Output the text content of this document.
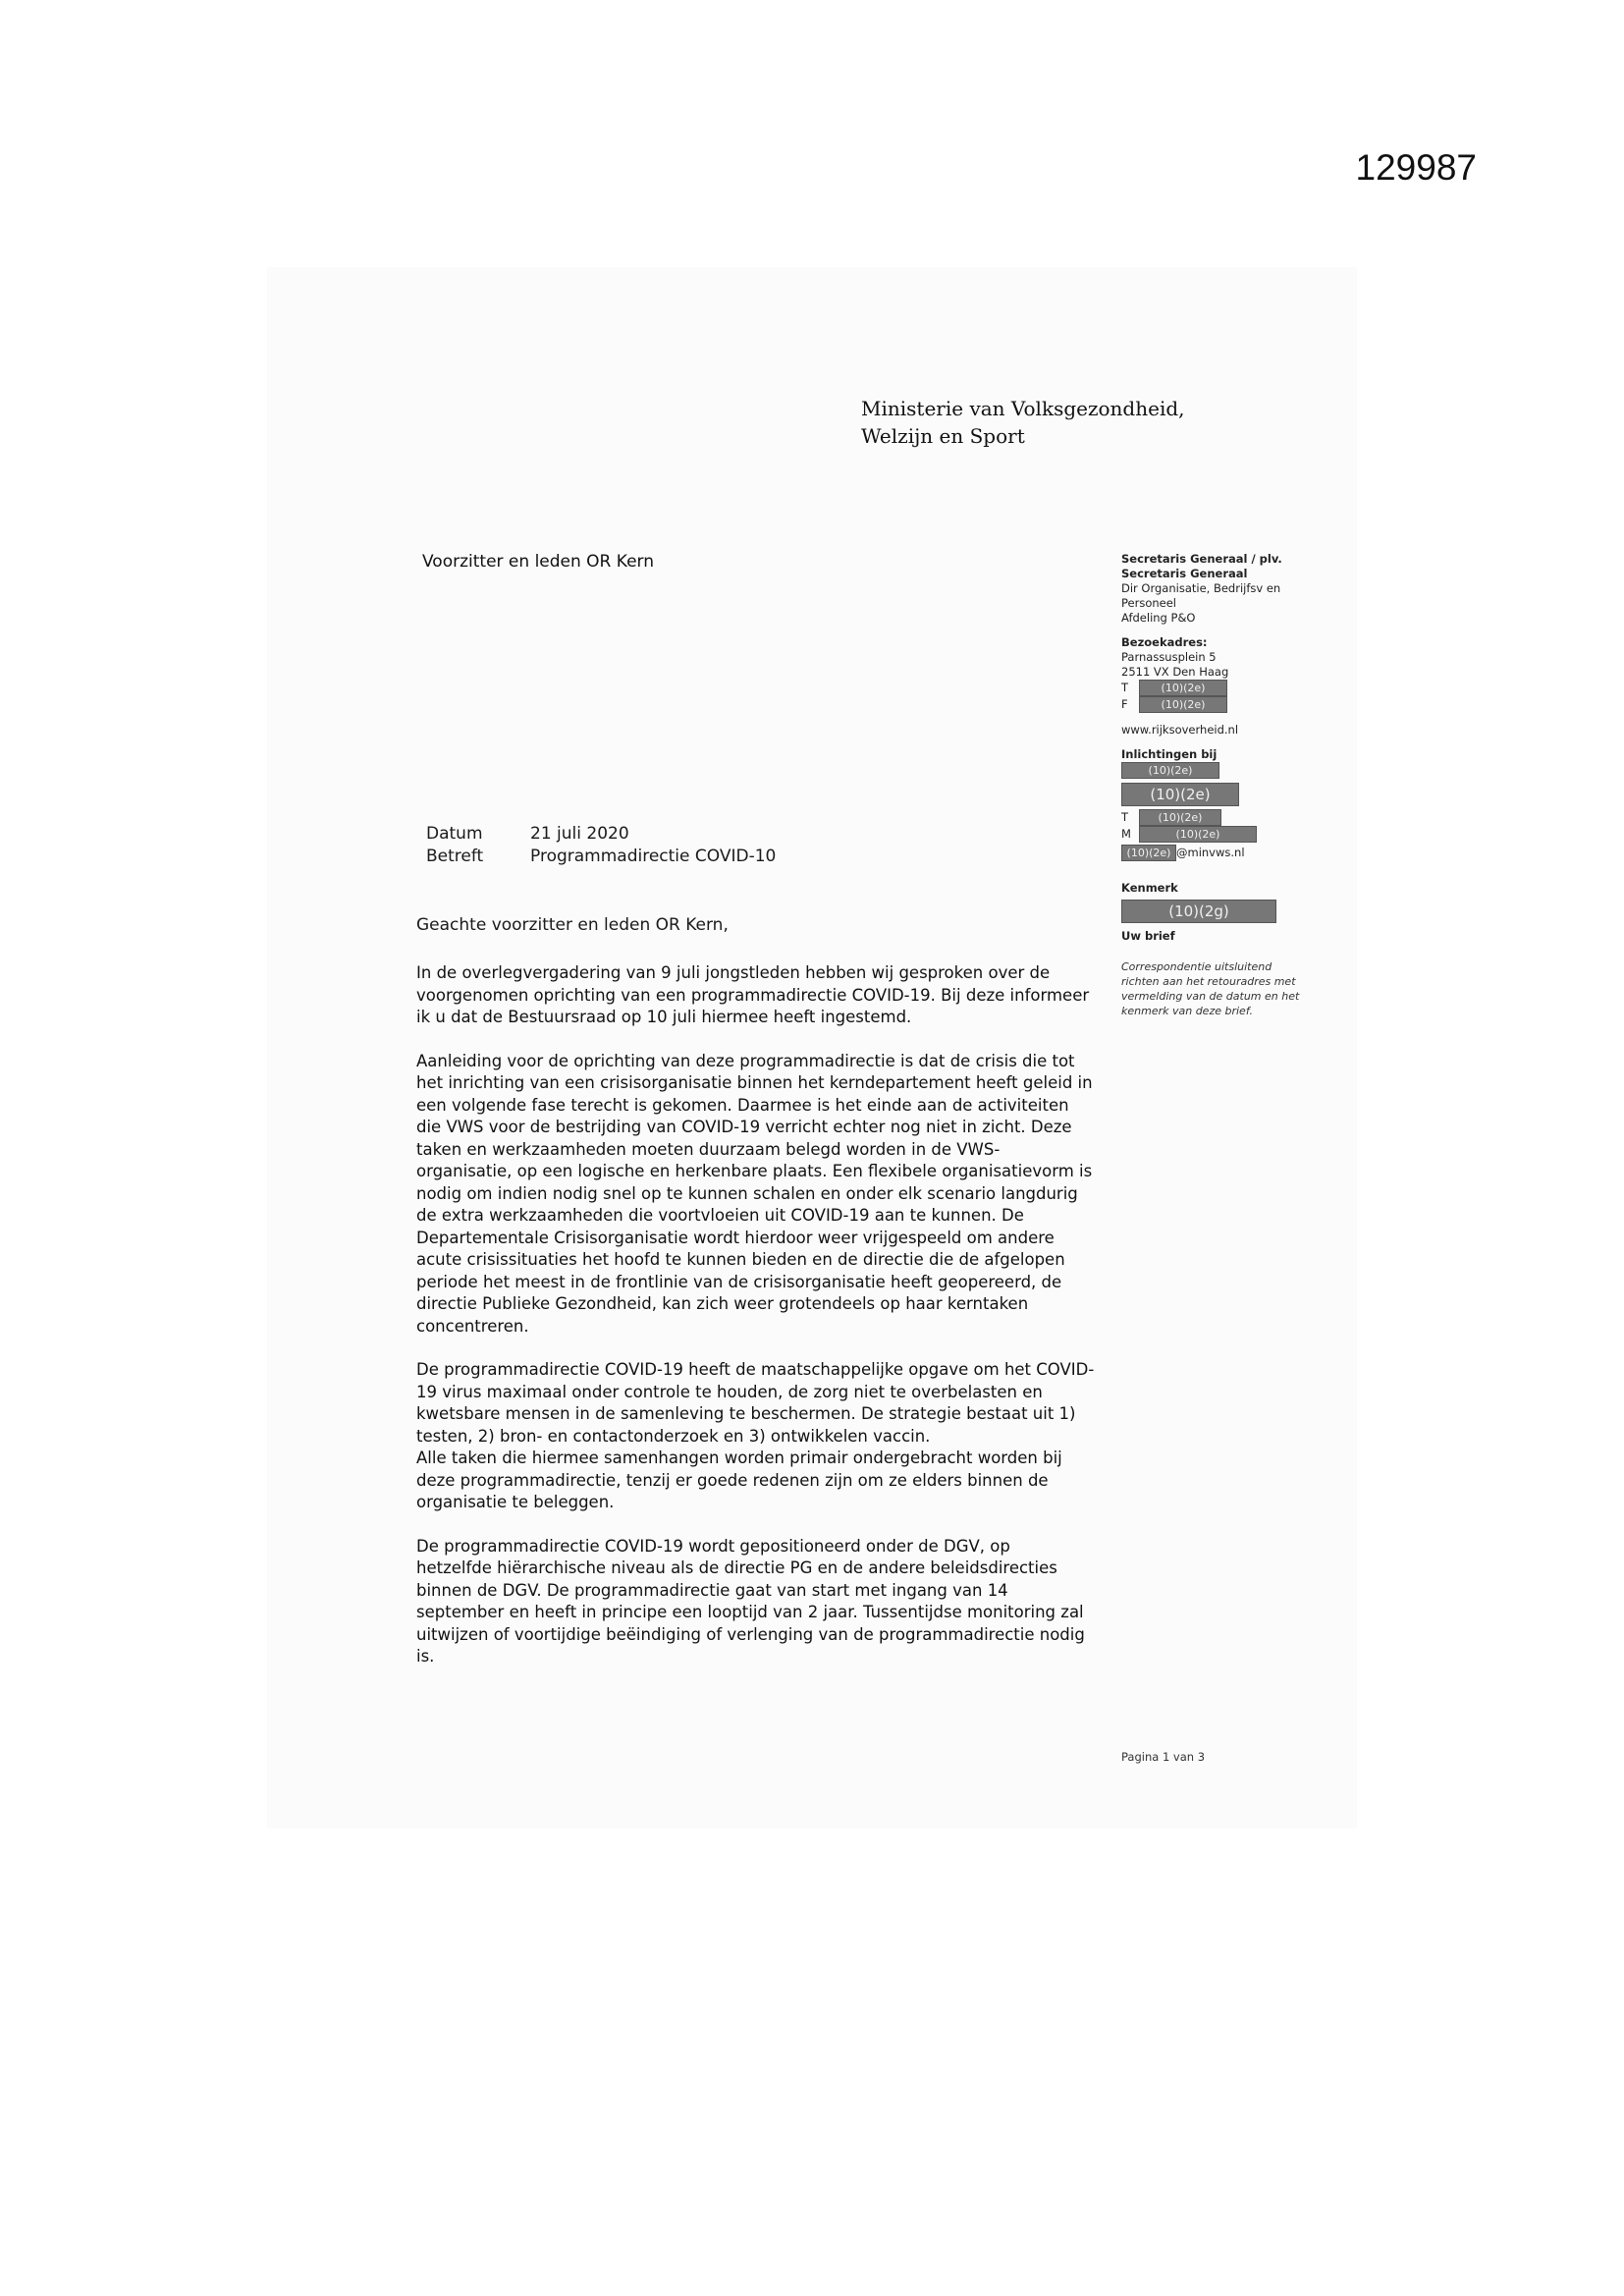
129987
Ministerie van Volksgezondheid,
Welzijn en Sport
Voorzitter en leden OR Kern	Secretaris Generaal / plv.
Secretaris Generaal
Dir Organisatie, Bedrijfsv en
Personeel
Afdeling P&O
Bezoekadres:
Parnassusplein 5
2511 VX Den Haag
T	(10)(2e)
F	(10)(2e)
www.rijksoverheid.nl
Inlichtingen bij
(10)(2e)
(10)(2e)
T	(10)(2e)
M	(10)(2e)
(10)(2e) @minvws.nl
Kenmerk
(10)(2g)
Uw brief
Correspondentie uitsluitend richten aan het retouradres met vermelding van de datum en het kenmerk van deze brief.
Datum	21 juli 2020
Betreft	Programmadirectie COVID-10
Geachte voorzitter en leden OR Kern,

In de overlegvergadering van 9 juli jongstleden hebben wij gesproken over de
voorgenomen oprichting van een programmadirectie COVID-19. Bij deze informeer
ik u dat de Bestuursraad op 10 juli hiermee heeft ingestemd.

Aanleiding voor de oprichting van deze programmadirectie is dat de crisis die tot
het inrichting van een crisisorganisatie binnen het kerndepartement heeft geleid in
een volgende fase terecht is gekomen. Daarmee is het einde aan de activiteiten
die VWS voor de bestrijding van COVID-19 verricht echter nog niet in zicht. Deze
taken en werkzaamheden moeten duurzaam belegd worden in de VWS-
organisatie, op een logische en herkenbare plaats. Een flexibele organisatievorm is
nodig om indien nodig snel op te kunnen schalen en onder elk scenario langdurig
de extra werkzaamheden die voortvloeien uit COVID-19 aan te kunnen. De
Departementale Crisisorganisatie wordt hierdoor weer vrijgespeeld om andere
acute crisissituaties het hoofd te kunnen bieden en de directie die de afgelopen
periode het meest in de frontlinie van de crisisorganisatie heeft geopereerd, de
directie Publieke Gezondheid, kan zich weer grotendeels op haar kerntaken
concentreren.

De programmadirectie COVID-19 heeft de maatschappelijke opgave om het COVID-
19 virus maximaal onder controle te houden, de zorg niet te overbelasten en
kwetsbare mensen in de samenleving te beschermen. De strategie bestaat uit 1)
testen, 2) bron- en contactonderzoek en 3) ontwikkelen vaccin.
Alle taken die hiermee samenhangen worden primair ondergebracht worden bij
deze programmadirectie, tenzij er goede redenen zijn om ze elders binnen de
organisatie te beleggen.

De programmadirectie COVID-19 wordt gepositioneerd onder de DGV, op
hetzelfde hiërarchische niveau als de directie PG en de andere beleidsdirecties
binnen de DGV. De programmadirectie gaat van start met ingang van 14
september en heeft in principe een looptijd van 2 jaar. Tussentijdse monitoring zal
uitwijzen of voortijdige beëindiging of verlenging van de programmadirectie nodig
is.

Pagina 1 van 3
